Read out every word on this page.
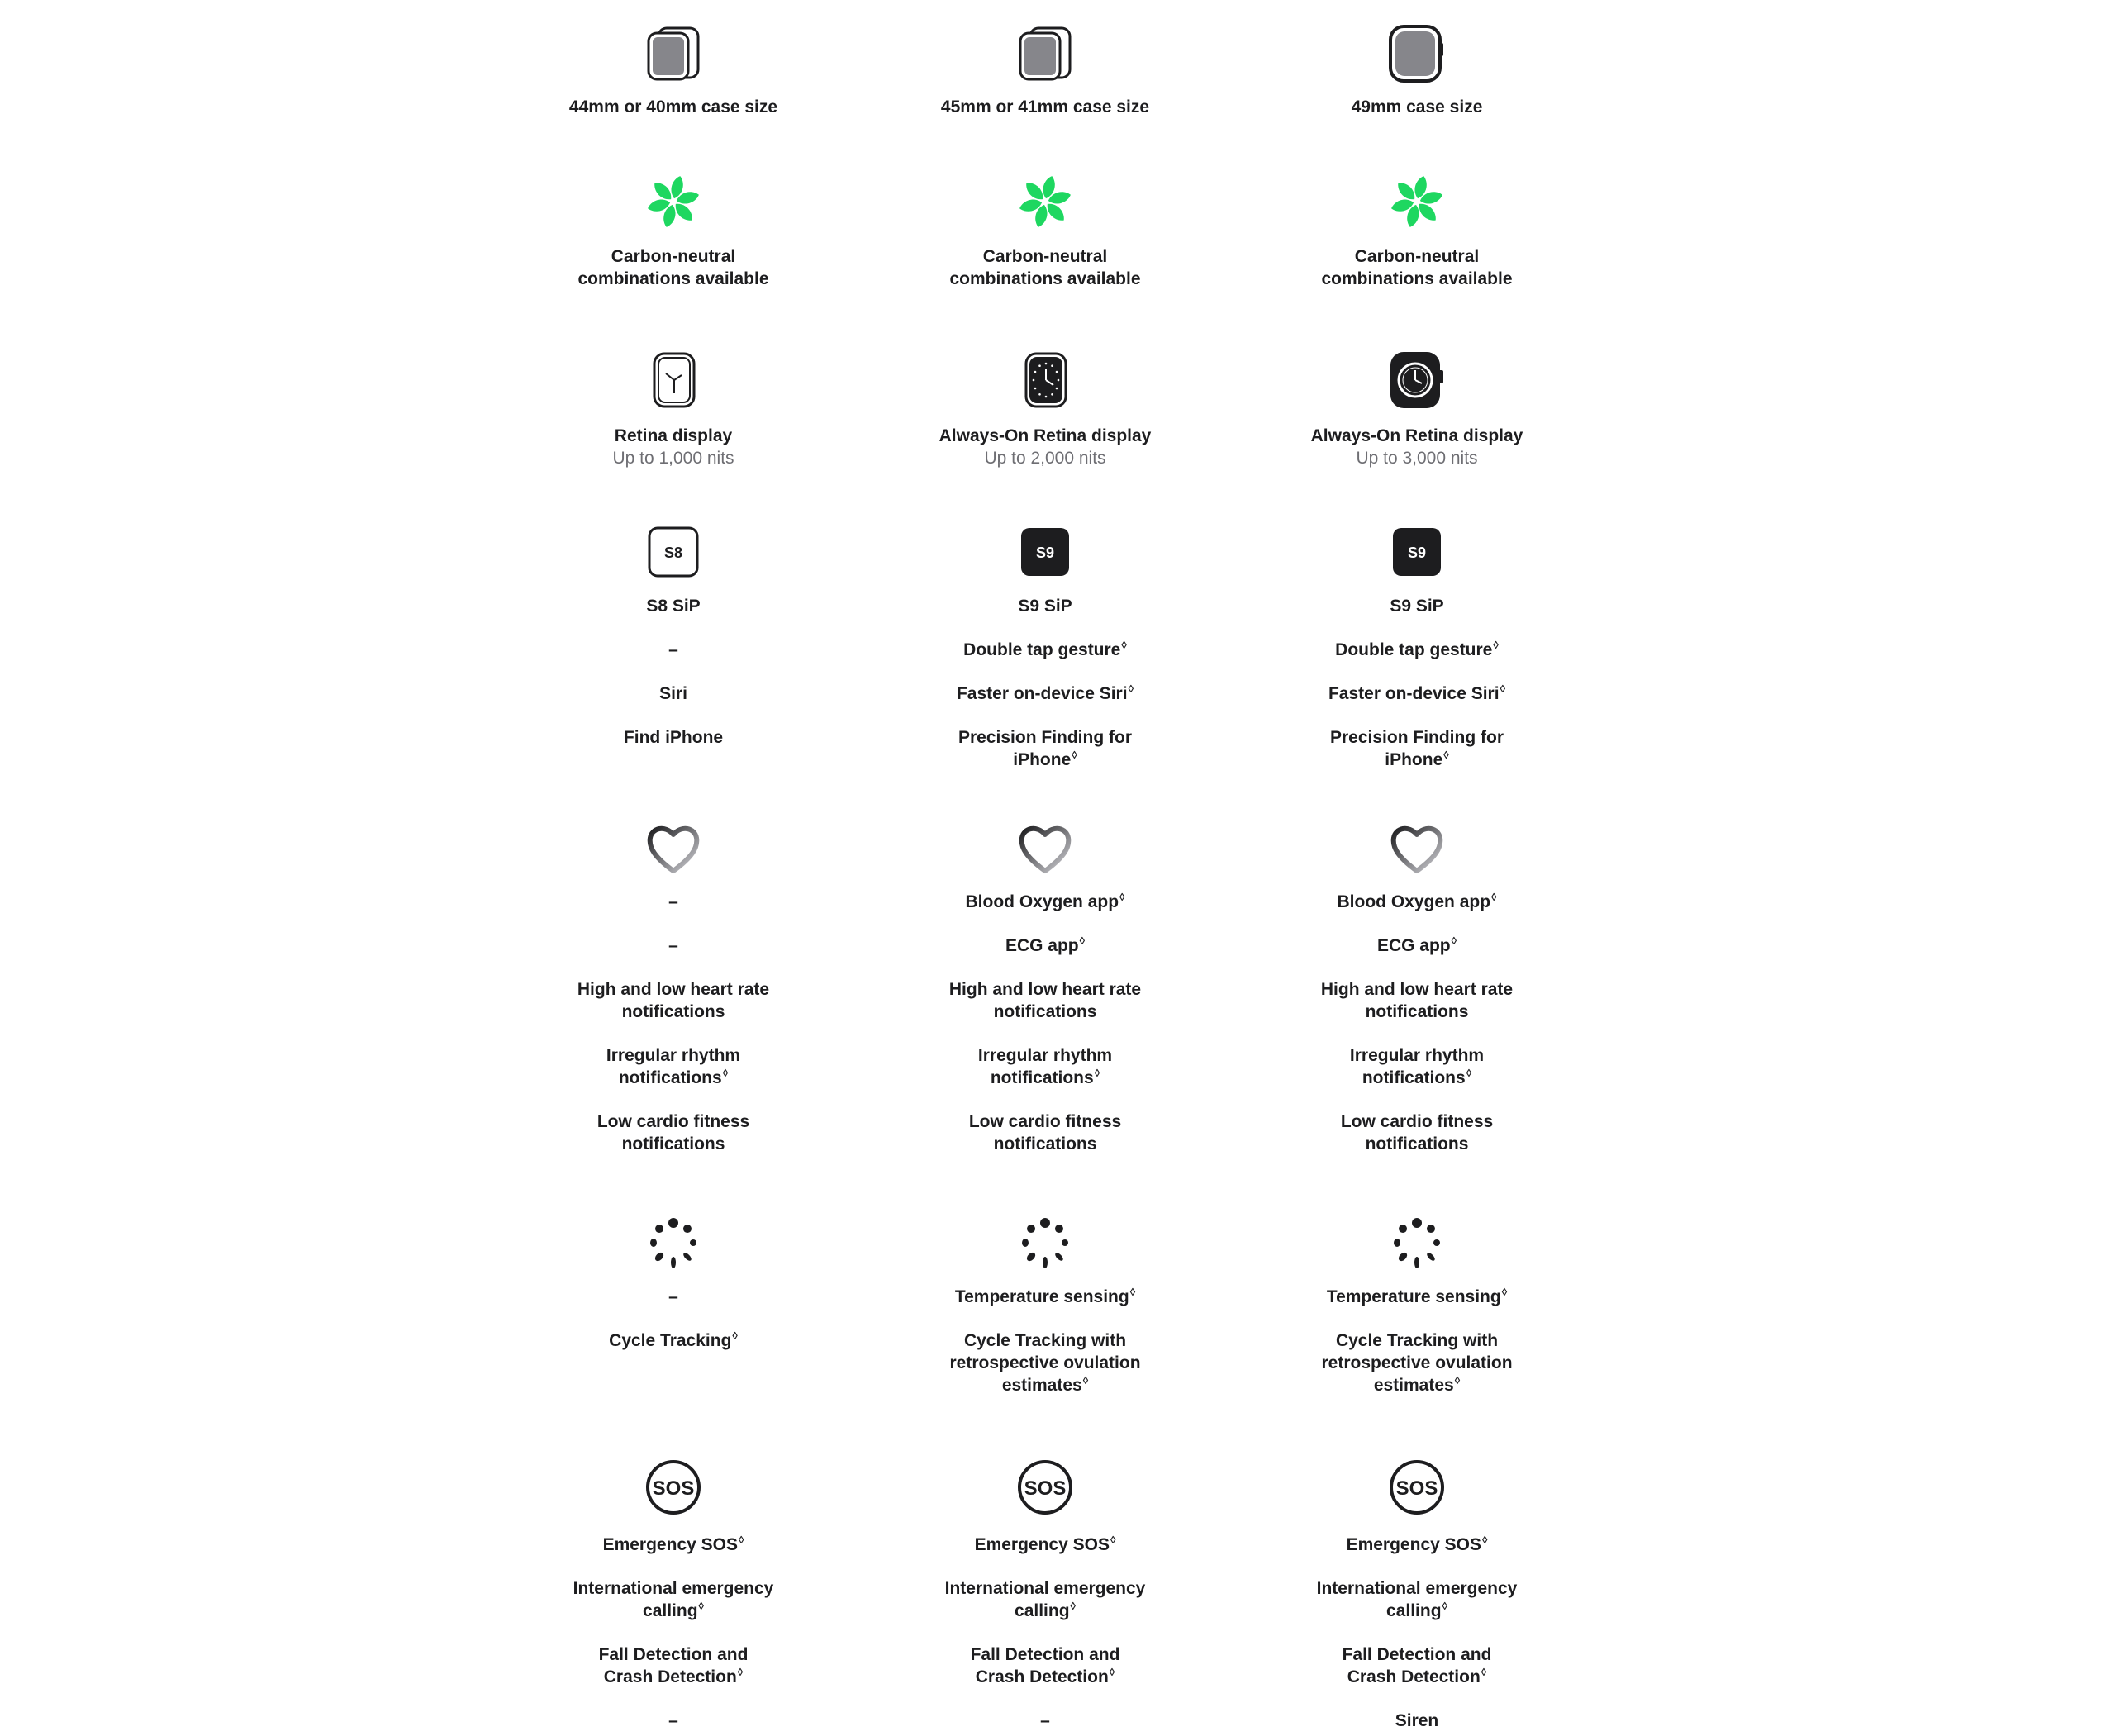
44mm or 40mm case size
Carbon-neutral
combinations available
Retina display
Up to 1,000 nits
S8
S8 SiP
–
Siri
Find iPhone
–
–
High and low heart rate
notifications
Irregular rhythm
notifications◊
Low cardio fitness
notifications
–
Cycle Tracking◊
SOS
Emergency SOS◊
International emergency
calling◊
Fall Detection and
Crash Detection◊
–
45mm or 41mm case size
Carbon-neutral
combinations available
Always-On Retina display
Up to 2,000 nits
S9
S9 SiP
Double tap gesture◊
Faster on-device Siri◊
Precision Finding for
iPhone◊
Blood Oxygen app◊
ECG app◊
High and low heart rate
notifications
Irregular rhythm
notifications◊
Low cardio fitness
notifications
Temperature sensing◊
Cycle Tracking with
retrospective ovulation
estimates◊
SOS
Emergency SOS◊
International emergency
calling◊
Fall Detection and
Crash Detection◊
–
49mm case size
Carbon-neutral
combinations available
Always-On Retina display
Up to 3,000 nits
S9
S9 SiP
Double tap gesture◊
Faster on-device Siri◊
Precision Finding for
iPhone◊
Blood Oxygen app◊
ECG app◊
High and low heart rate
notifications
Irregular rhythm
notifications◊
Low cardio fitness
notifications
Temperature sensing◊
Cycle Tracking with
retrospective ovulation
estimates◊
SOS
Emergency SOS◊
International emergency
calling◊
Fall Detection and
Crash Detection◊
Siren
